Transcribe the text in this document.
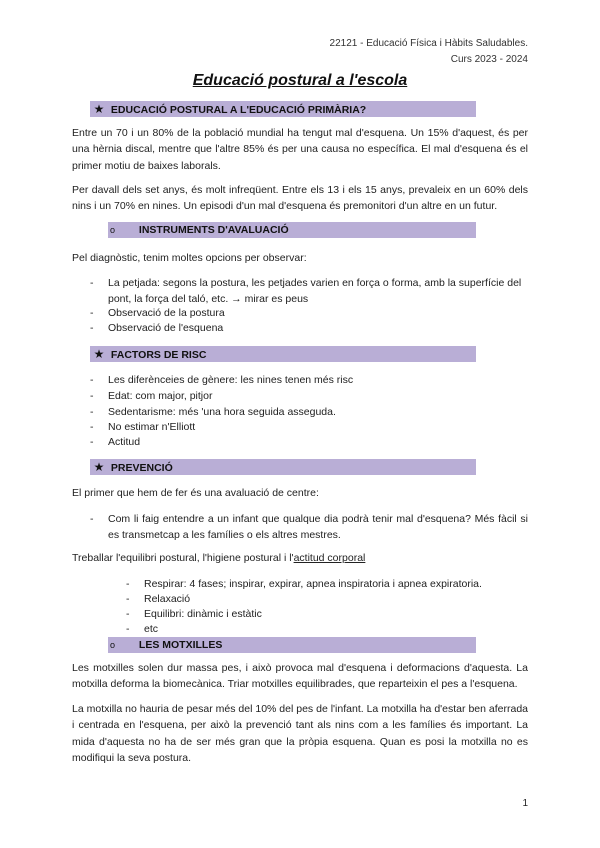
22121 - Educació Física i Hàbits Saludables.
Curs 2023 - 2024
Educació postural a l'escola
★ EDUCACIÓ POSTURAL A L'EDUCACIÓ PRIMÀRIA?
Entre un 70 i un 80% de la població mundial ha tengut mal d'esquena. Un 15% d'aquest, és per una hèrnia discal, mentre que l'altre 85% és per una causa no específica. El mal d'esquena és el primer motiu de baixes laborals.
Per davall dels set anys, és molt infreqüent. Entre els 13 i els 15 anys, prevaleix en un 60% dels nins i un 70% en nines. Un episodi d'un mal d'esquena és premonitori d'un altre en un futur.
o INSTRUMENTS D'AVALUACIÓ
Pel diagnòstic, tenim moltes opcions per observar:
- La petjada: segons la postura, les petjades varien en força o forma, amb la superfície del pont, la força del taló, etc. → mirar es peus
- Observació de la postura
- Observació de l'esquena
★ FACTORS DE RISC
- Les diferènceies de gènere: les nines tenen més risc
- Edat: com major, pitjor
- Sedentarisme: més 'una hora seguida asseguda.
- No estimar n'Elliott
- Actitud
★ PREVENCIÓ
El primer que hem de fer és una avaluació de centre:
- Com li faig entendre a un infant que qualque dia podrà tenir mal d'esquena? Més fàcil si es transmetcap a les famílies o els altres mestres.
Treballar l'equilibri postural, l'higiene postural i l'actitud corporal
- Respirar: 4 fases; inspirar, expirar, apnea inspiratoria i apnea expiratoria.
- Relaxació
- Equilibri: dinàmic i estàtic
- etc
o LES MOTXILLES
Les motxilles solen dur massa pes, i això provoca mal d'esquena i deformacions d'aquesta. La motxilla deforma la biomecànica. Triar motxilles equilibrades, que reparteixin el pes a l'esquena.
La motxilla no hauria de pesar més del 10% del pes de l'infant. La motxilla ha d'estar ben aferrada i centrada en l'esquena, per això la prevenció tant als nins com a les famílies és important. La mida d'aquesta no ha de ser més gran que la pròpia esquena. Quan es posi la motxilla no es modifiqui la seva postura.
1
